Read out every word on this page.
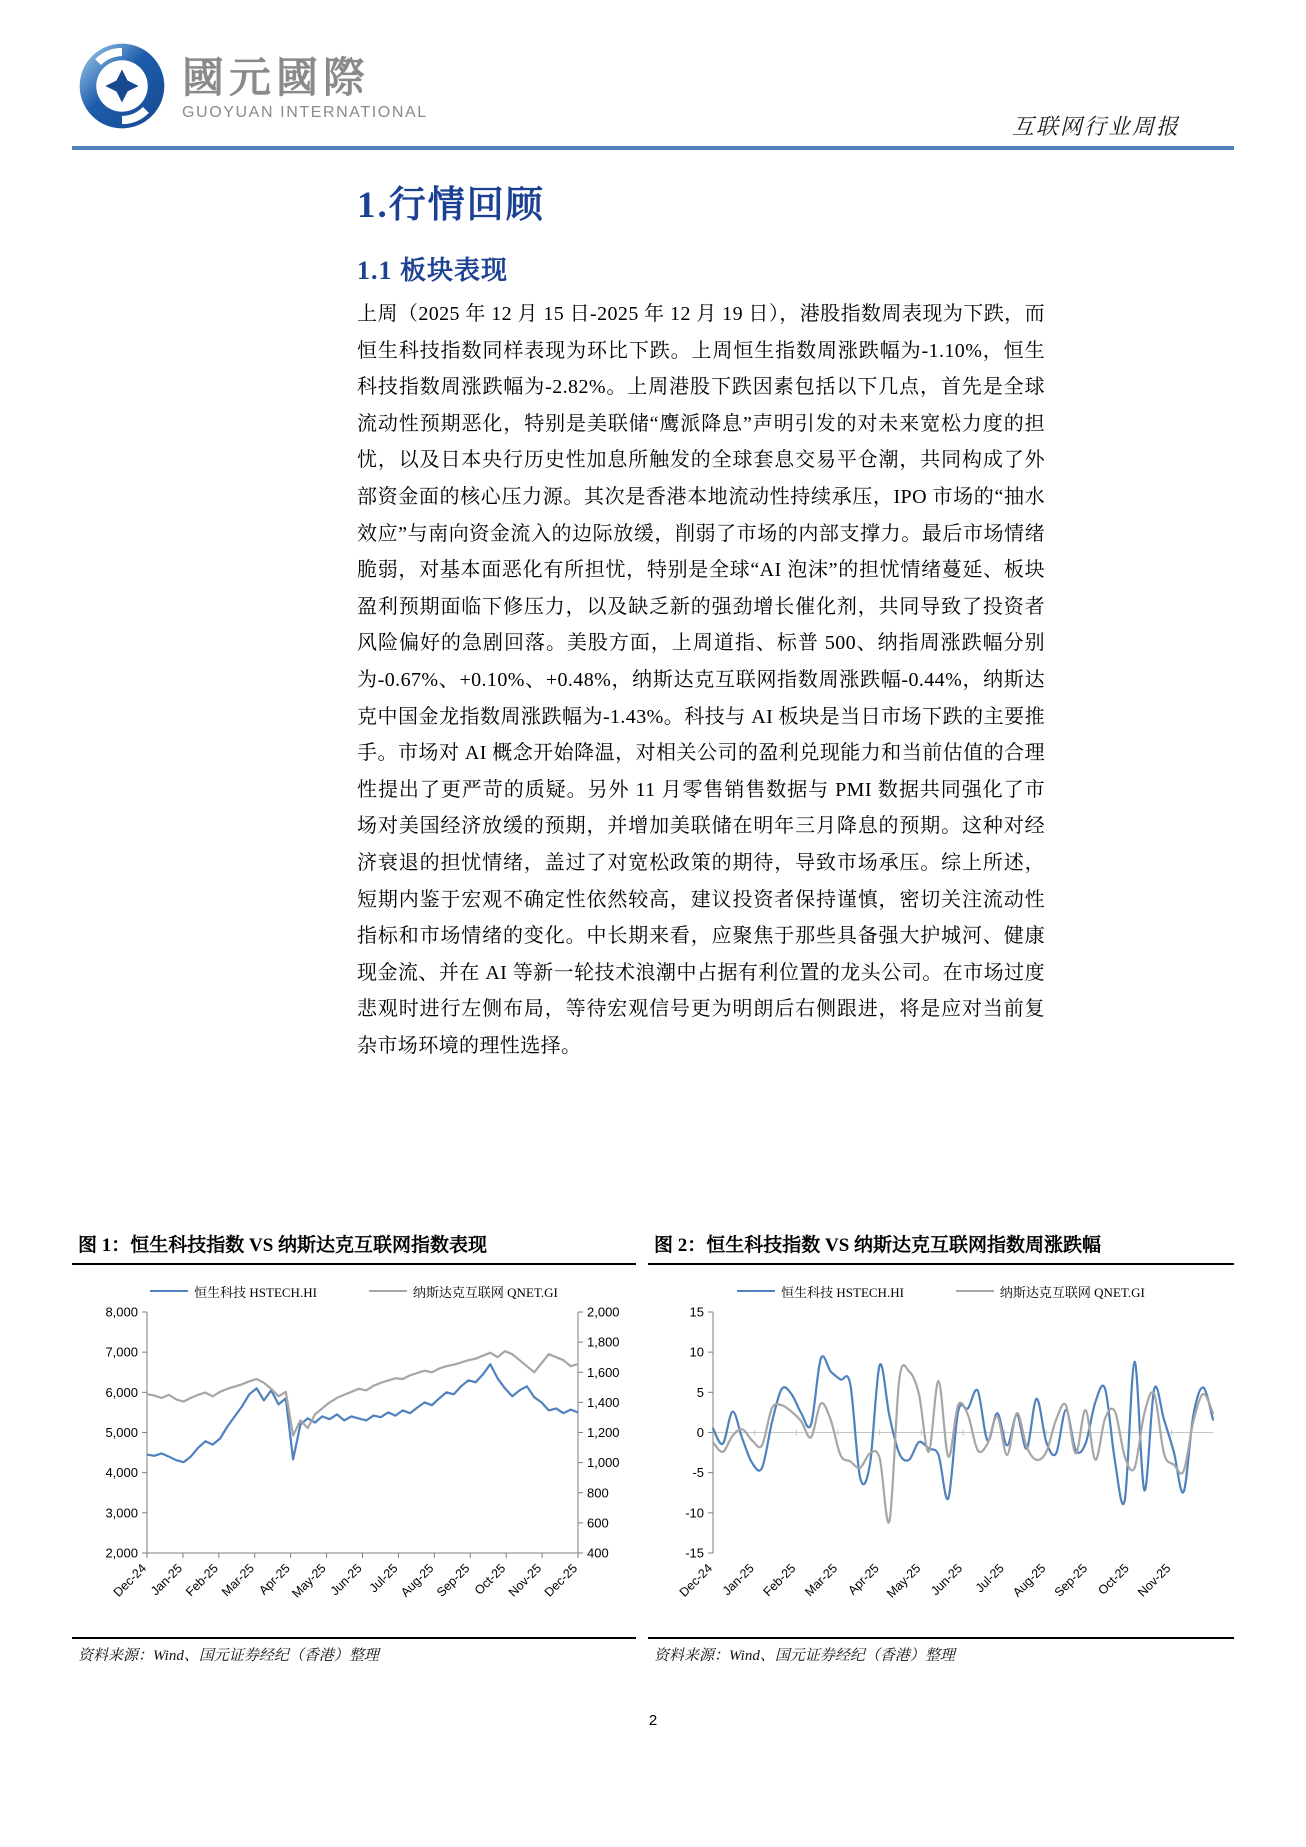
國元國際
GUOYUAN INTERNATIONAL
互联网行业周报
1.行情回顾
1.1 板块表现
上周（2025 年 12 月 15 日-2025 年 12 月 19 日），港股指数周表现为下跌，而恒生科技指数同样表现为环比下跌。上周恒生指数周涨跌幅为-1.10%，恒生科技指数周涨跌幅为-2.82%。上周港股下跌因素包括以下几点，首先是全球流动性预期恶化，特别是美联储“鹰派降息”声明引发的对未来宽松力度的担忧，以及日本央行历史性加息所触发的全球套息交易平仓潮，共同构成了外部资金面的核心压力源。其次是香港本地流动性持续承压，IPO 市场的“抽水效应”与南向资金流入的边际放缓，削弱了市场的内部支撑力。最后市场情绪脆弱，对基本面恶化有所担忧，特别是全球“AI 泡沫”的担忧情绪蔓延、板块盈利预期面临下修压力，以及缺乏新的强劲增长催化剂，共同导致了投资者风险偏好的急剧回落。美股方面，上周道指、标普 500、纳指周涨跌幅分别为-0.67%、+0.10%、+0.48%，纳斯达克互联网指数周涨跌幅-0.44%，纳斯达克中国金龙指数周涨跌幅为-1.43%。科技与 AI 板块是当日市场下跌的主要推手。市场对 AI 概念开始降温，对相关公司的盈利兑现能力和当前估值的合理性提出了更严苛的质疑。另外 11 月零售销售数据与 PMI 数据共同强化了市场对美国经济放缓的预期，并增加美联储在明年三月降息的预期。这种对经济衰退的担忧情绪，盖过了对宽松政策的期待，导致市场承压。综上所述，短期内鉴于宏观不确定性依然较高，建议投资者保持谨慎，密切关注流动性指标和市场情绪的变化。中长期来看，应聚焦于那些具备强大护城河、健康现金流、并在 AI 等新一轮技术浪潮中占据有利位置的龙头公司。在市场过度悲观时进行左侧布局，等待宏观信号更为明朗后右侧跟进，将是应对当前复杂市场环境的理性选择。
图 1：恒生科技指数 VS 纳斯达克互联网指数表现
恒生科技 HSTECH.HI	纳斯达克互联网 QNET.GI
8,000
7,000
6,000
5,000
4,000
3,000
2,000
2,000
1,800
1,600
1,400
1,200
1,000
800
600
400
Dec-24
Jan-25
Feb-25
Mar-25 Apr-25
May-25
Jun-25 Jul-25
Aug-25
Sep-25 Oct-25
Nov-25
Dec-25
资料来源：Wind、国元证券经纪（香港）整理
图 2：恒生科技指数 VS 纳斯达克互联网指数周涨跌幅
恒生科技 HSTECH.HI	纳斯达克互联网 QNET.GI
15
10
5
0
-5
-10
-15
Dec-24 Jan-25 Feb-25 Mar-25 Apr-25 May-25 Jun-25 Jul-25 Aug-25 Sep-25 Oct-25 Nov-25
资料来源：Wind、国元证券经纪（香港）整理
2
